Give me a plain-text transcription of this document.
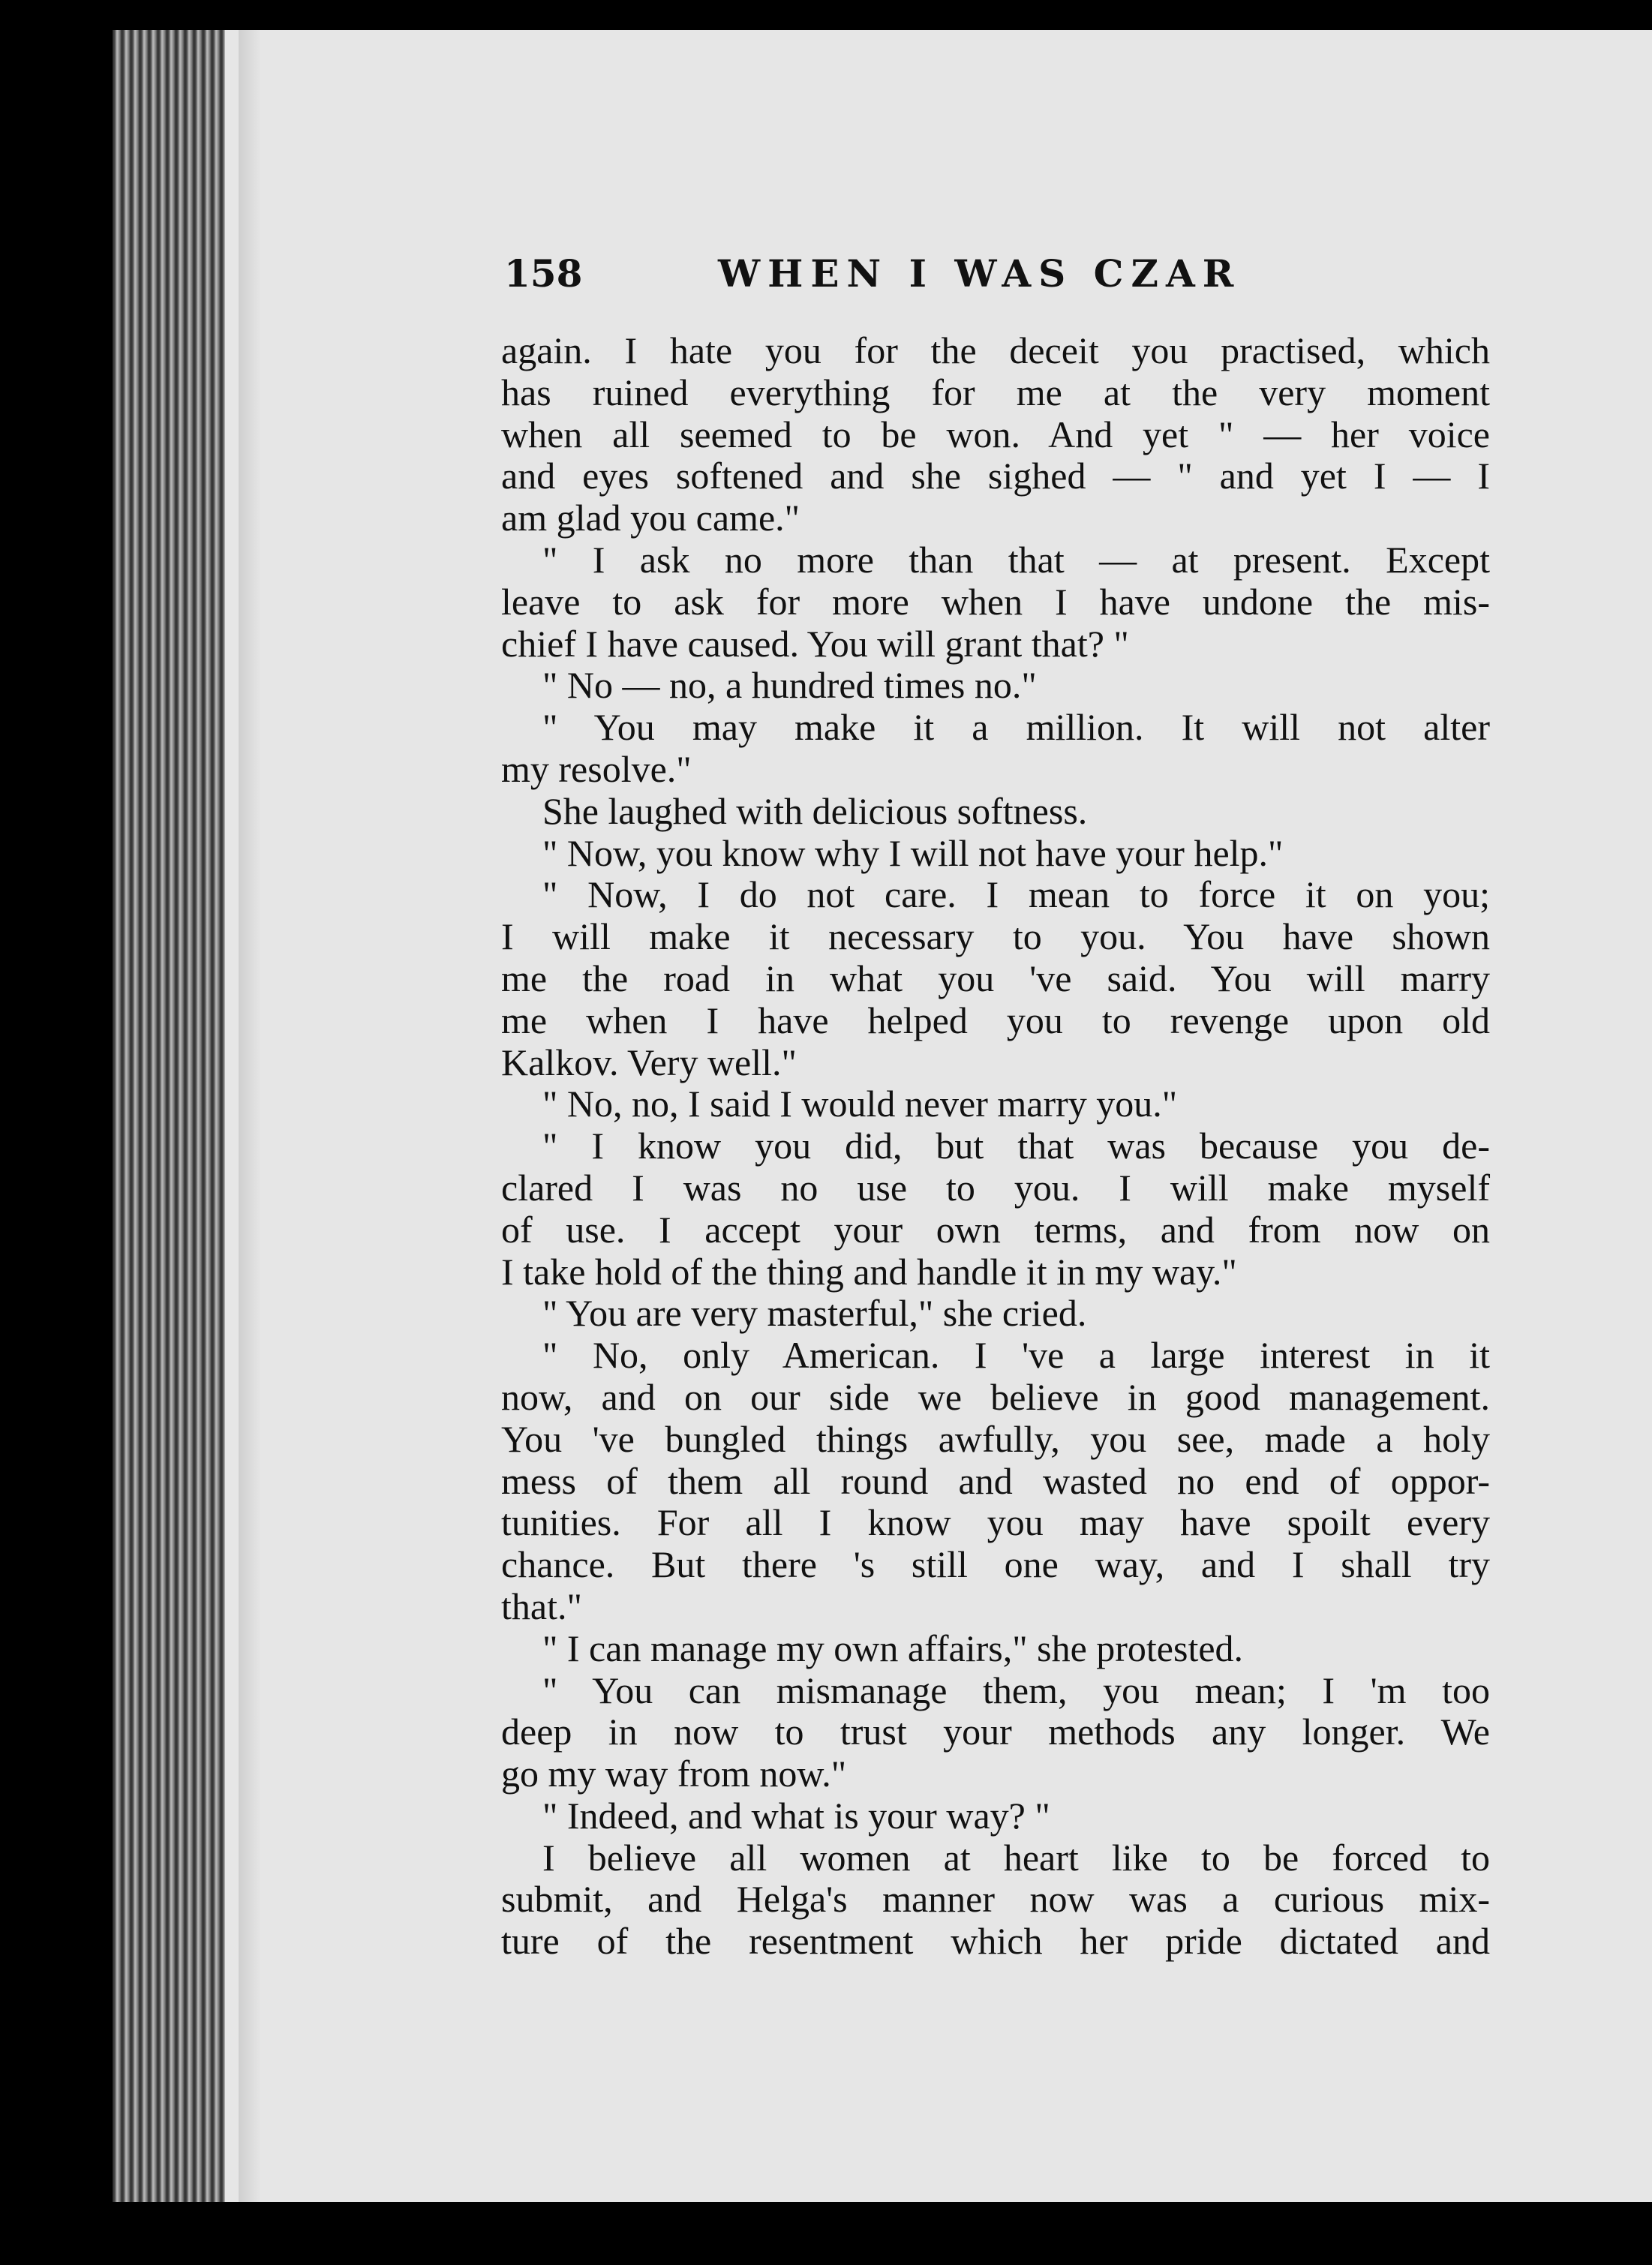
158	WHEN I WAS CZAR
again. I hate you for the deceit you practised, which
has ruined everything for me at the very moment
when all seemed to be won. And yet " — her voice
and eyes softened and she sighed — " and yet I — I
am glad you came."
" I ask no more than that — at present. Except
leave to ask for more when I have undone the mis-
chief I have caused. You will grant that? "
" No — no, a hundred times no."
" You may make it a million. It will not alter
my resolve."
She laughed with delicious softness.
" Now, you know why I will not have your help."
" Now, I do not care. I mean to force it on you;
I will make it necessary to you. You have shown
me the road in what you 've said. You will marry
me when I have helped you to revenge upon old
Kalkov. Very well."
" No, no, I said I would never marry you."
" I know you did, but that was because you de-
clared I was no use to you. I will make myself
of use. I accept your own terms, and from now on
I take hold of the thing and handle it in my way."
" You are very masterful," she cried.
" No, only American. I 've a large interest in it
now, and on our side we believe in good management.
You 've bungled things awfully, you see, made a holy
mess of them all round and wasted no end of oppor-
tunities. For all I know you may have spoilt every
chance. But there 's still one way, and I shall try
that."
" I can manage my own affairs," she protested.
" You can mismanage them, you mean; I 'm too
deep in now to trust your methods any longer. We
go my way from now."
" Indeed, and what is your way? "
I believe all women at heart like to be forced to
submit, and Helga's manner now was a curious mix-
ture of the resentment which her pride dictated and
